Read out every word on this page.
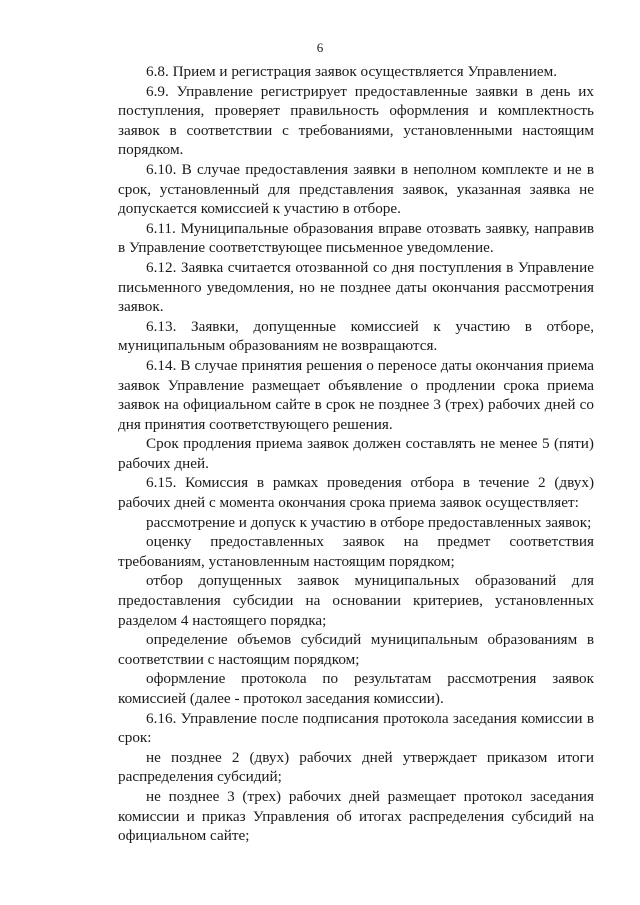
6

6.8. Прием и регистрация заявок осуществляется Управлением.

6.9. Управление регистрирует предоставленные заявки в день их поступления, проверяет правильность оформления и комплектность заявок в соответствии с требованиями, установленными настоящим порядком.

6.10. В случае предоставления заявки в неполном комплекте и не в срок, установленный для представления заявок, указанная заявка не допускается комиссией к участию в отборе.

6.11. Муниципальные образования вправе отозвать заявку, направив в Управление соответствующее письменное уведомление.

6.12. Заявка считается отозванной со дня поступления в Управление письменного уведомления, но не позднее даты окончания рассмотрения заявок.

6.13. Заявки, допущенные комиссией к участию в отборе, муниципальным образованиям не возвращаются.

6.14. В случае принятия решения о переносе даты окончания приема заявок Управление размещает объявление о продлении срока приема заявок на официальном сайте в срок не позднее 3 (трех) рабочих дней со дня принятия соответствующего решения.

Срок продления приема заявок должен составлять не менее 5 (пяти) рабочих дней.

6.15. Комиссия в рамках проведения отбора в течение 2 (двух) рабочих дней с момента окончания срока приема заявок осуществляет:

рассмотрение и допуск к участию в отборе предоставленных заявок;

оценку предоставленных заявок на предмет соответствия требованиям, установленным настоящим порядком;

отбор допущенных заявок муниципальных образований для предоставления субсидии на основании критериев, установленных разделом 4 настоящего порядка;

определение объемов субсидий муниципальным образованиям в соответствии с настоящим порядком;

оформление протокола по результатам рассмотрения заявок комиссией (далее - протокол заседания комиссии).

6.16. Управление после подписания протокола заседания комиссии в срок:

не позднее 2 (двух) рабочих дней утверждает приказом итоги распределения субсидий;

не позднее 3 (трех) рабочих дней размещает протокол заседания комиссии и приказ Управления об итогах распределения субсидий на официальном сайте;
